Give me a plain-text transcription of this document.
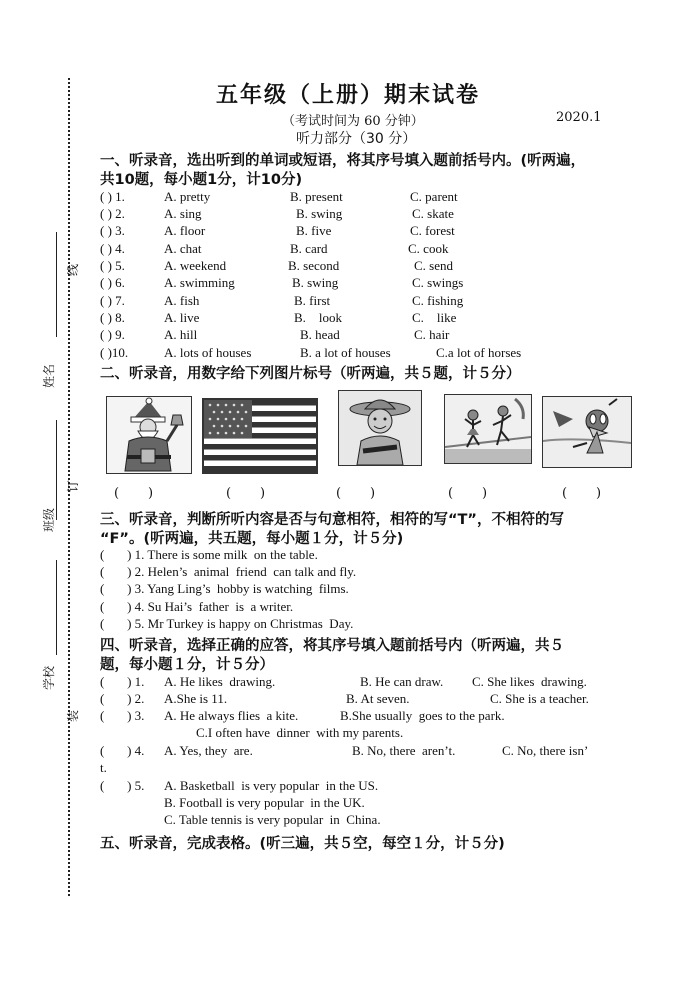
姓名
班级
学校
线
订
装
五年级（上册）期末试卷
（考试时间为 60 分钟）	2020.1
听力部分（30 分）
一、听录音，选出听到的单词或短语，将其序号填入题前括号内。(听两遍，
共10题，每小题1分，计10分)
( ) 1.	A. pretty	B. present	C. parent
( ) 2.	A. sing	B. swing	C. skate
( ) 3.	A. floor	B. five	C. forest
( ) 4.	A. chat	B. card	C. cook
( ) 5.	A. weekend	B. second	C. send
( ) 6.	A. swimming	B. swing	C. swings
( ) 7.	A. fish	B. first	C. fishing
( ) 8.	A. live	B.    look	C.    like
( ) 9.	A. hill	B. head	C. hair
( )10.	A. lots of houses	B. a lot of houses	C.a lot of horses
二、听录音，用数字给下列图片标号（听两遍，共５题，计５分）
(       )	(       )	(       )	(       )	(       )
三、听录音，判断所听内容是否与句意相符，相符的写“T”，不相符的写
“F”。(听两遍，共五题，每小题１分，计５分)
(       ) 1. There is some milk  on the table.
(       ) 2. Helen’s  animal  friend  can talk and fly.
(       ) 3. Yang Ling’s  hobby is watching  films.
(       ) 4. Su Hai’s  father  is  a writer.
(       ) 5. Mr Turkey is happy on Christmas  Day.
四、听录音，选择正确的应答，将其序号填入题前括号内（听两遍，共５
题，每小题１分，计５分）
(       ) 1. A. He likes  drawing.	B. He can draw. C. She likes  drawing.
(       ) 2. A.She is 11.	B. At seven.	C. She is a teacher.
(       ) 3. A. He always flies  a kite.	B.She usually  goes to the park.
C.I often have  dinner  with my parents.
(       ) 4. A. Yes, they  are.	B. No, there  aren’t.	C. No, there isn’
t.
(       ) 5. A. Basketball  is very popular  in the US.
B. Football is very popular  in the UK.
C. Table tennis is very popular  in  China.
五、听录音，完成表格。(听三遍，共５空，每空１分，计５分)
